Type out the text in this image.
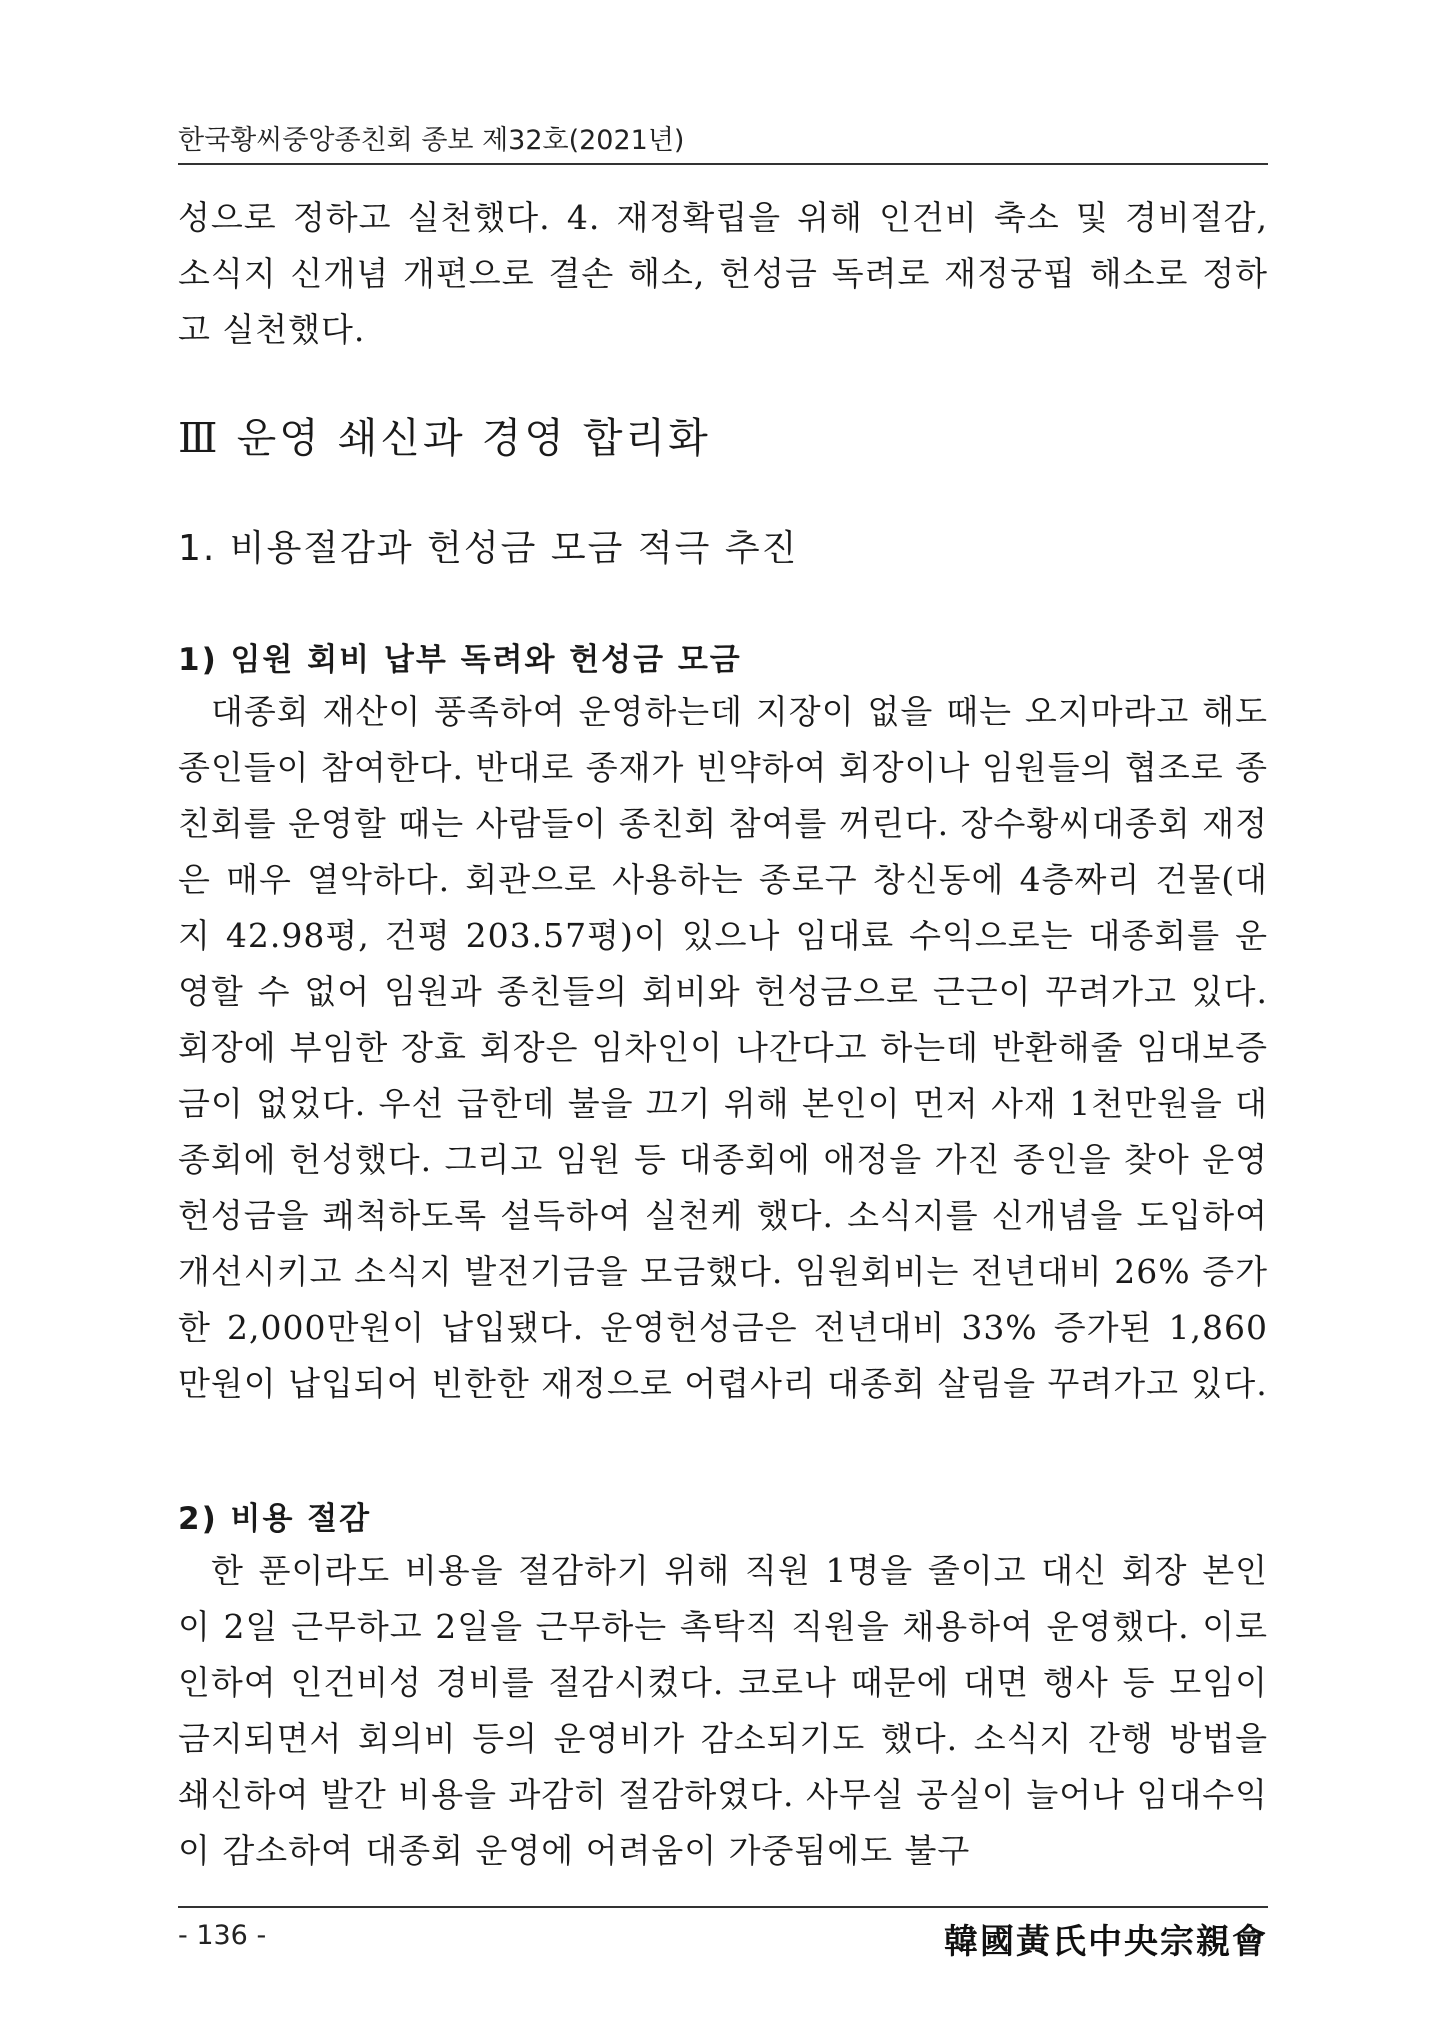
한국황씨중앙종친회 종보 제32호(2021년)

성으로 정하고 실천했다. 4. 재정확립을 위해 인건비 축소 및 경비절감, 소식지 신개념 개편으로 결손 해소, 헌성금 독려로 재정궁핍 해소로 정하고 실천했다.

Ⅲ 운영 쇄신과 경영 합리화
1. 비용절감과 헌성금 모금 적극 추진
1) 임원 회비 납부 독려와 헌성금 모금

대종회 재산이 풍족하여 운영하는데 지장이 없을 때는 오지마라고 해도 종인들이 참여한다. 반대로 종재가 빈약하여 회장이나 임원들의 협조로 종친회를 운영할 때는 사람들이 종친회 참여를 꺼린다. 장수황씨대종회 재정은 매우 열악하다. 회관으로 사용하는 종로구 창신동에 4층짜리 건물(대지 42.98평, 건평 203.57평)이 있으나 임대료 수익으로는 대종회를 운영할 수 없어 임원과 종친들의 회비와 헌성금으로 근근이 꾸려가고 있다. 회장에 부임한 장효 회장은 임차인이 나간다고 하는데 반환해줄 임대보증금이 없었다. 우선 급한데 불을 끄기 위해 본인이 먼저 사재 1천만원을 대종회에 헌성했다. 그리고 임원 등 대종회에 애정을 가진 종인을 찾아 운영 헌성금을 쾌척하도록 설득하여 실천케 했다. 소식지를 신개념을 도입하여 개선시키고 소식지 발전기금을 모금했다. 임원회비는 전년대비 26% 증가한 2,000만원이 납입됐다. 운영헌성금은 전년대비 33% 증가된 1,860만원이 납입되어 빈한한 재정으로 어렵사리 대종회 살림을 꾸려가고 있다.

2) 비용 절감

한 푼이라도 비용을 절감하기 위해 직원 1명을 줄이고 대신 회장 본인이 2일 근무하고 2일을 근무하는 촉탁직 직원을 채용하여 운영했다. 이로 인하여 인건비성 경비를 절감시켰다. 코로나 때문에 대면 행사 등 모임이 금지되면서 회의비 등의 운영비가 감소되기도 했다. 소식지 간행 방법을 쇄신하여 발간 비용을 과감히 절감하였다. 사무실 공실이 늘어나 임대수익이 감소하여 대종회 운영에 어려움이 가중됨에도 불구

- 136 -	韓國黃氏中央宗親會
